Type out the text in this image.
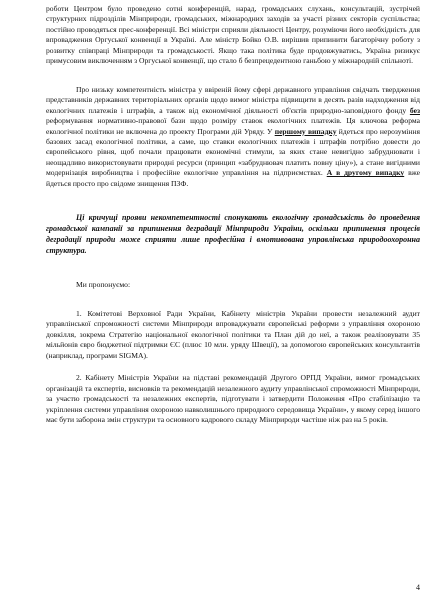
роботи Центром було проведено сотні конференцій, нарад, громадських слухань, консультацій, зустрічей структурних підрозділів Мінприроди, громадських, міжнародних заходів за участі різних секторів суспільства; постійно проводяться прес-конференції. Всі міністри сприяли діяльності Центру, розуміючи його необхідність для впровадження Оргуської конвенції в Україні. Але міністр Бойко О.В. вирішив припинити багаторічну роботу з розвитку співпраці Мінприроди та громадськості. Якщо така політика буде продовжуватись, Україна ризикує примусовим виключенням з Оргуської конвенції, що стало б безпрецедентною ганьбою у міжнародній спільноті.

Про низьку компетентність міністра у ввіреній йому сфері державного управління свідчать твердження представників державних територіальних органів щодо вимог міністра підвищити в десять разів надходження від екологічних платежів і штрафів, а також від економічної діяльності об'єктів природно-заповідного фонду без реформування нормативно-правової бази щодо розміру ставок екологічних платежів. Ця ключова реформа екологічної політики не включена до проекту Програми дій Уряду. У першому випадку йдеться про нерозуміння базових засад екологічної політики, а саме, що ставки екологічних платежів і штрафів потрібно довести до європейського рівня, щоб почали працювати економічні стимули, за яких стане невигідно забруднювати і неощадливо використовувати природні ресурси (принцип «забруднювач платить повну ціну»), а стане вигідними модернізація виробництва і професійне екологічне управління на підприємствах. А в другому випадку вже йдеться просто про свідоме знищення ПЗФ.

Ці кричущі прояви некомпетентності спонукають екологічну громадськість до проведення громадської кампанії за припинення деградації Мінприроди України, оскільки припинення процесів деградації природи може сприяти лише професійна і вмотивована управлінська природоохоронна структура.

Ми пропонуємо:

1. Комітетові Верховної Ради України, Кабінету міністрів України провести незалежний аудит управлінської спроможності системи Мінприроди впроваджувати європейські реформи з управління охороною довкілля, зокрема Стратегію національної екологічної політики та План дій до неї, а також реалізовувати 35 мільйонів євро бюджетної підтримки ЄС (плюс 10 млн. уряду Швеції), за допомогою європейських консультантів (наприклад, програми SIGMA).

2. Кабінету Міністрів України на підставі рекомендацій Другого ОРПД України, вимог громадських організацій та експертів, висновків та рекомендацій незалежного аудиту управлінської спроможності Мінприроди, за участю громадськості та незалежних експертів, підготувати і затвердити Положення «Про стабілізацію та укріплення системи управління охороною навколишнього природного середовища України», у якому серед іншого має бути заборона змін структури та основного кадрового складу Мінприроди частіше ніж раз на 5 років.

4
